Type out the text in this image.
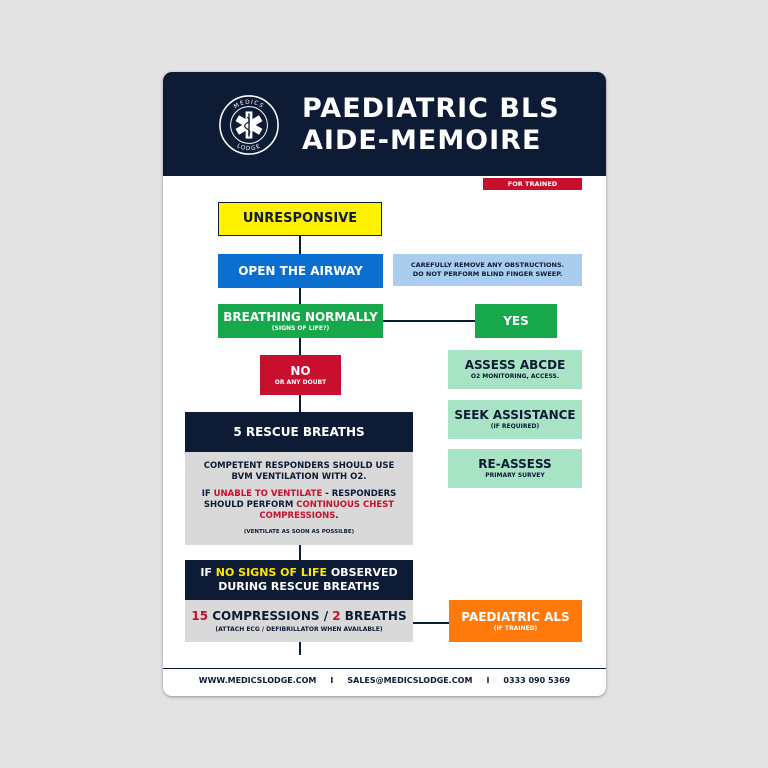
MEDICS
LODGE
PAEDIATRIC BLS
AIDE-MEMOIRE
FOR TRAINED RESPONDERS
UNRESPONSIVE
OPEN THE AIRWAY	CAREFULLY REMOVE ANY OBSTRUCTIONS.
DO NOT PERFORM BLIND FINGER SWEEP.
BREATHING NORMALLY
(SIGNS OF LIFE?)	YES
NO
OR ANY DOUBT
ASSESS ABCDE
O2 MONITORING, ACCESS.
SEEK ASSISTANCE
(IF REQUIRED)
RE-ASSESS
PRIMARY SURVEY
5 RESCUE BREATHS
COMPETENT RESPONDERS SHOULD USE
BVM VENTILATION WITH O2.
IF UNABLE TO VENTILATE - RESPONDERS
SHOULD PERFORM CONTINUOUS CHEST
COMPRESSIONS.
(VENTILATE AS SOON AS POSSILBE)
IF NO SIGNS OF LIFE OBSERVED
DURING RESCUE BREATHS
15 COMPRESSIONS / 2 BREATHS
(ATTACH ECG / DEFIBRILLATOR WHEN AVAILABLE)
PAEDIATRIC ALS
(IF TRAINED)
WWW.MEDICSLODGE.COM I SALES@MEDICSLODGE.COM I 0333 090 5369
